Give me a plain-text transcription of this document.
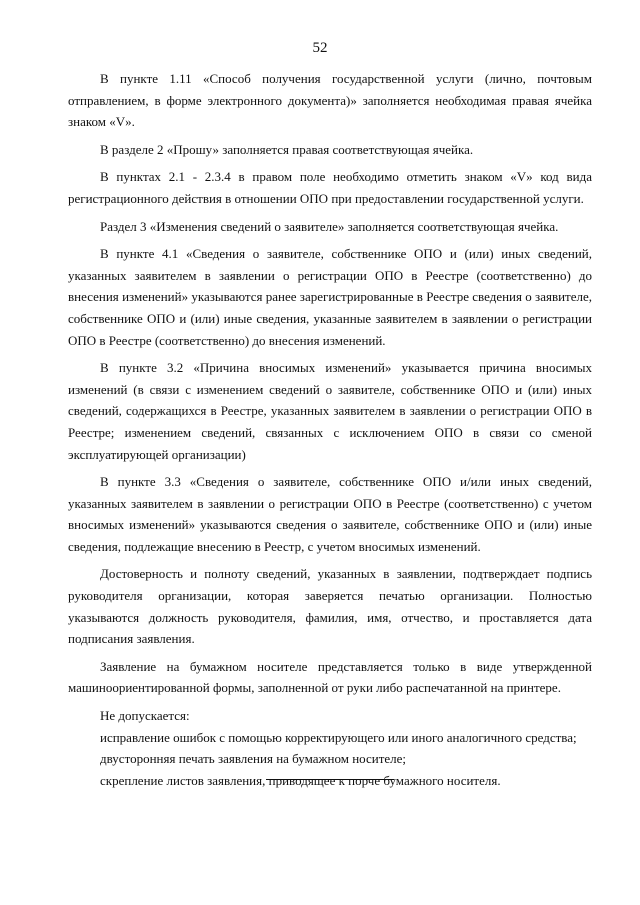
52

В пункте 1.11 «Способ получения государственной услуги (лично, почтовым отправлением, в форме электронного документа)» заполняется необходимая правая ячейка знаком «V».

В разделе 2 «Прошу» заполняется правая соответствующая ячейка.

В пунктах 2.1 - 2.3.4 в правом поле необходимо отметить знаком «V» код вида регистрационного действия в отношении ОПО при предоставлении государственной услуги.

Раздел 3 «Изменения сведений о заявителе» заполняется соответствующая ячейка.

В пункте 4.1 «Сведения о заявителе, собственнике ОПО и (или) иных сведений, указанных заявителем в заявлении о регистрации ОПО в Реестре (соответственно) до внесения изменений» указываются ранее зарегистрированные в Реестре сведения о заявителе, собственнике ОПО и (или) иные сведения, указанные заявителем в заявлении о регистрации ОПО в Реестре (соответственно) до внесения изменений.

В пункте 3.2 «Причина вносимых изменений» указывается причина вносимых изменений (в связи с изменением сведений о заявителе, собственнике ОПО и (или) иных сведений, содержащихся в Реестре, указанных заявителем в заявлении о регистрации ОПО в Реестре; изменением сведений, связанных с исключением ОПО в связи со сменой эксплуатирующей организации)

В пункте 3.3 «Сведения о заявителе, собственнике ОПО и/или иных сведений, указанных заявителем в заявлении о регистрации ОПО в Реестре (соответственно) с учетом вносимых изменений» указываются сведения о заявителе, собственнике ОПО и (или) иные сведения, подлежащие внесению в Реестр, с учетом вносимых изменений.

Достоверность и полноту сведений, указанных в заявлении, подтверждает подпись руководителя организации, которая заверяется печатью организации. Полностью указываются должность руководителя, фамилия, имя, отчество, и проставляется дата подписания заявления.

Заявление на бумажном носителе представляется только в виде утвержденной машиноориентированной формы, заполненной от руки либо распечатанной на принтере.

Не допускается:

исправление ошибок с помощью корректирующего или иного аналогичного средства;

двусторонняя печать заявления на бумажном носителе;

скрепление листов заявления, приводящее к порче бумажного носителя.
